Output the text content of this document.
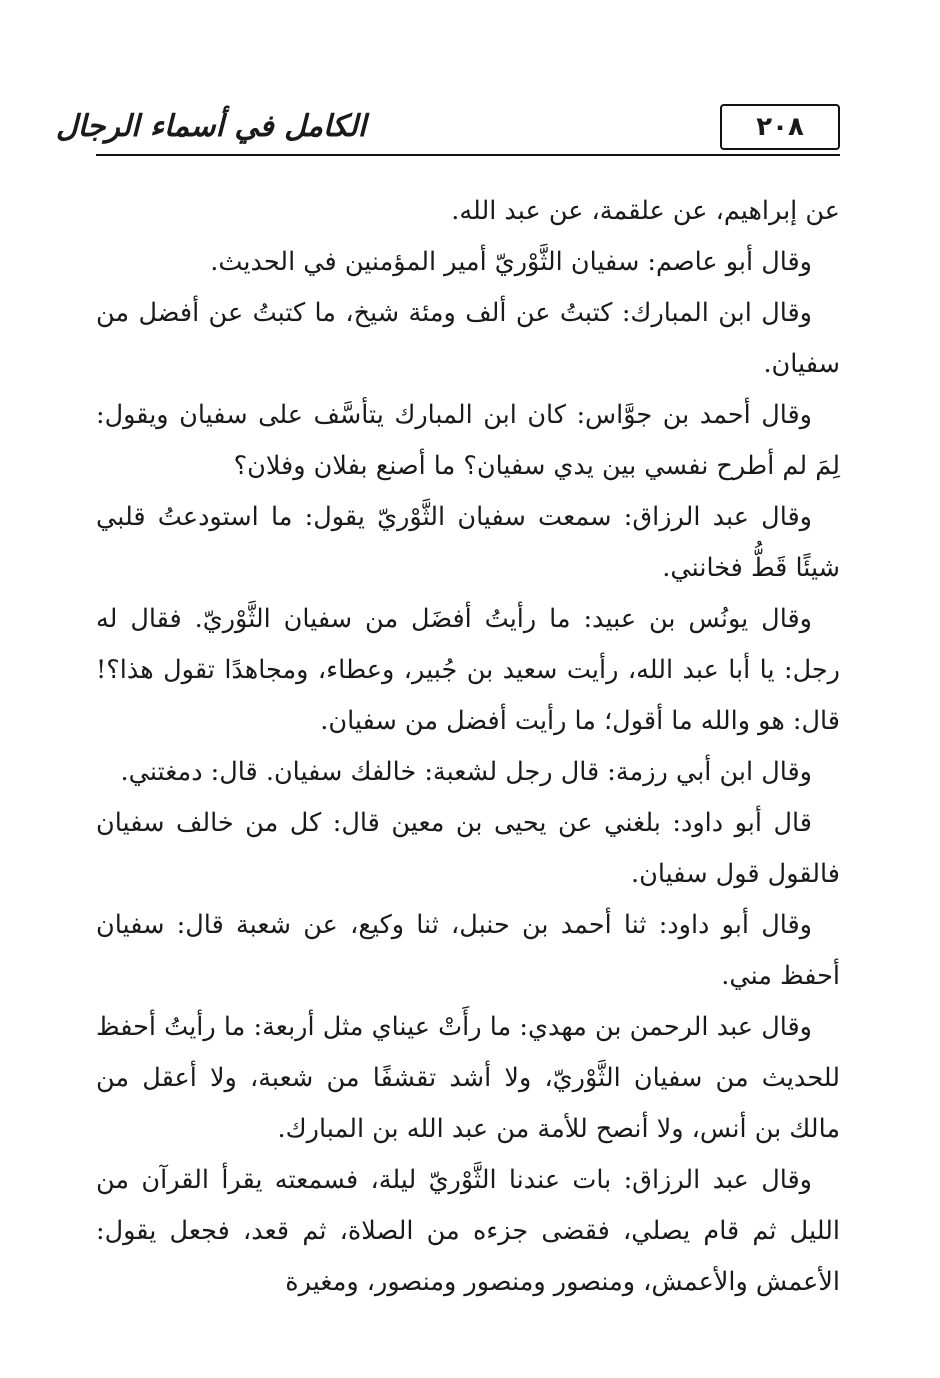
٢٠٨
الكامل في أسماء الرجال

عن إبراهيم، عن علقمة، عن عبد الله.

وقال أبو عاصم: سفيان الثَّوْريّ أمير المؤمنين في الحديث.

وقال ابن المبارك: كتبتُ عن ألف ومئة شيخ، ما كتبتُ عن أفضل من سفيان.

وقال أحمد بن جوَّاس: كان ابن المبارك يتأسَّف على سفيان ويقول: لِمَ لم أطرح نفسي بين يدي سفيان؟ ما أصنع بفلان وفلان؟

وقال عبد الرزاق: سمعت سفيان الثَّوْريّ يقول: ما استودعتُ قلبي شيئًا قَطُّ فخانني.

وقال يونُس بن عبيد: ما رأيتُ أفضَل من سفيان الثَّوْريّ. فقال له رجل: يا أبا عبد الله، رأيت سعيد بن جُبير، وعطاء، ومجاهدًا تقول هذا؟! قال: هو والله ما أقول؛ ما رأيت أفضل من سفيان.

وقال ابن أبي رزمة: قال رجل لشعبة: خالفك سفيان. قال: دمغتني.

قال أبو داود: بلغني عن يحيى بن معين قال: كل من خالف سفيان فالقول قول سفيان.

وقال أبو داود: ثنا أحمد بن حنبل، ثنا وكيع، عن شعبة قال: سفيان أحفظ مني.

وقال عبد الرحمن بن مهدي: ما رأَتْ عيناي مثل أربعة: ما رأيتُ أحفظ للحديث من سفيان الثَّوْريّ، ولا أشد تقشفًا من شعبة، ولا أعقل من مالك بن أنس، ولا أنصح للأمة من عبد الله بن المبارك.

وقال عبد الرزاق: بات عندنا الثَّوْريّ ليلة، فسمعته يقرأ القرآن من الليل ثم قام يصلي، فقضى جزءه من الصلاة، ثم قعد، فجعل يقول: الأعمش والأعمش، ومنصور ومنصور ومنصور، ومغيرة
